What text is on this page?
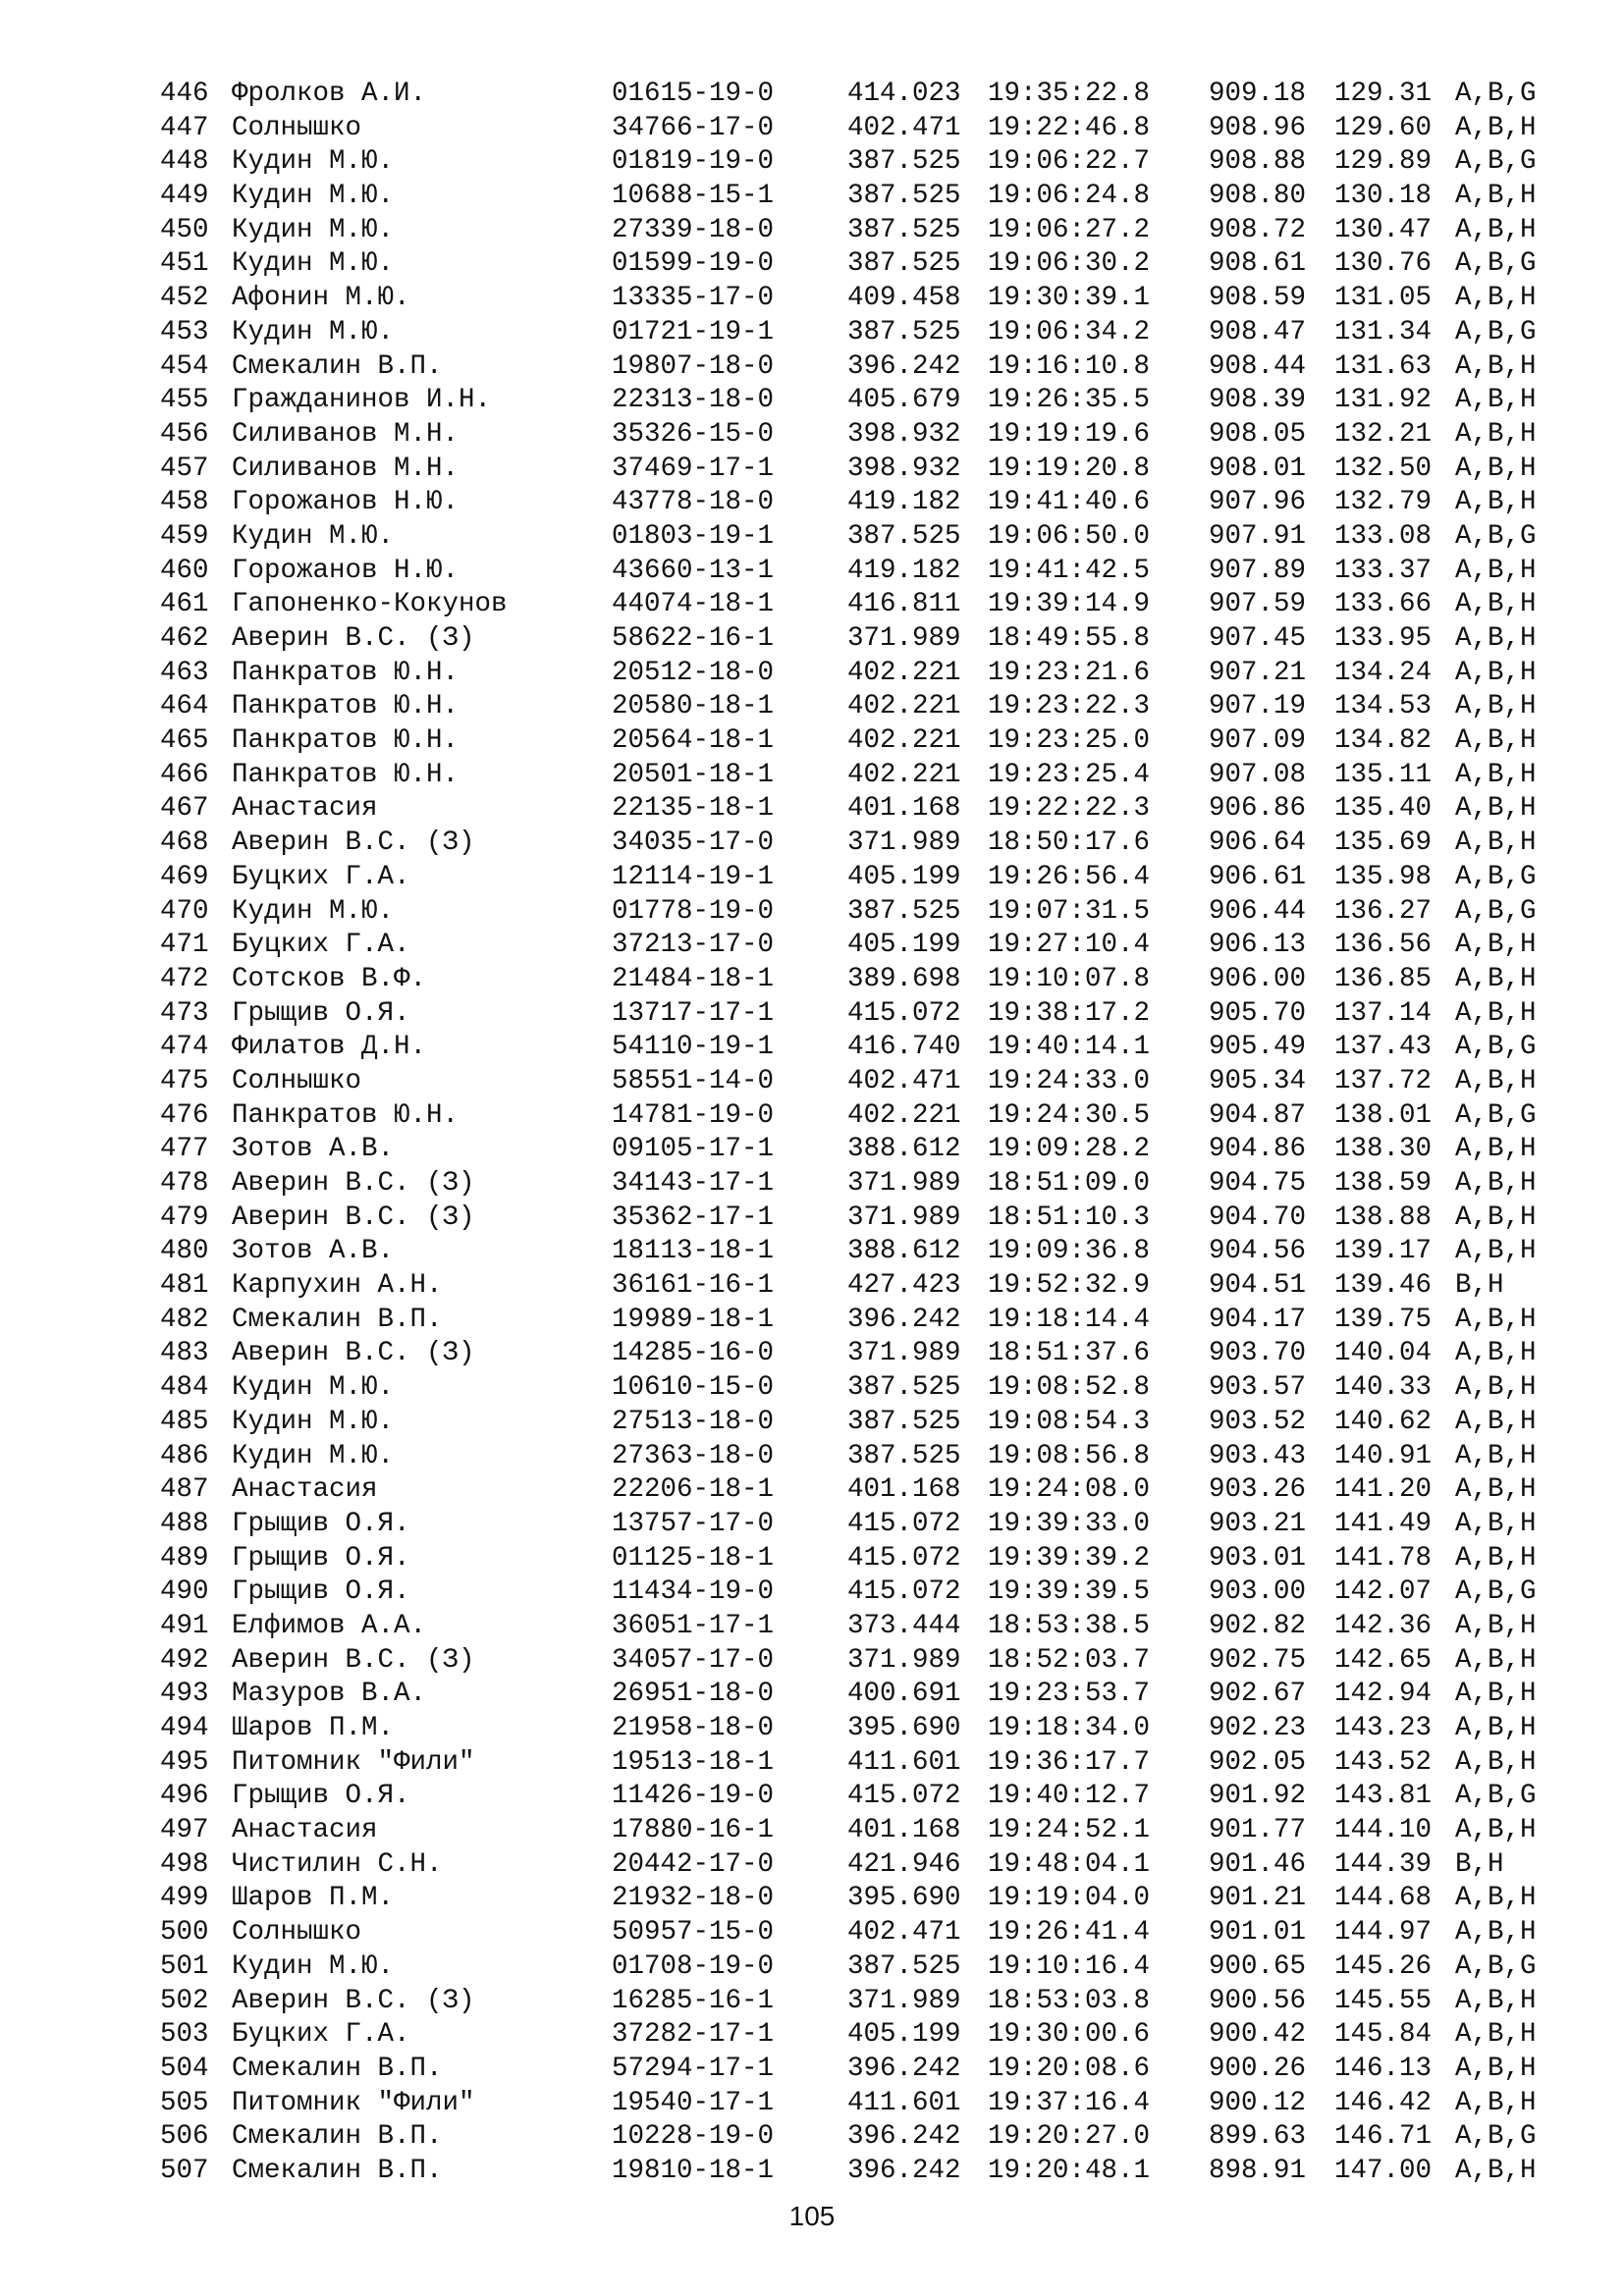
446 Фролков А.И.	01615-19-0	414.023 19:35:22.8 909.18 129.31 A,B,G
447 Солнышко	34766-17-0	402.471 19:22:46.8 908.96 129.60 A,B,H
448 Кудин М.Ю.	01819-19-0	387.525 19:06:22.7 908.88 129.89 A,B,G
449 Кудин М.Ю.	10688-15-1	387.525 19:06:24.8 908.80 130.18 A,B,H
450 Кудин М.Ю.	27339-18-0	387.525 19:06:27.2 908.72 130.47 A,B,H
451 Кудин М.Ю.	01599-19-0	387.525 19:06:30.2 908.61 130.76 A,B,G
452 Афонин М.Ю.	13335-17-0	409.458 19:30:39.1 908.59 131.05 A,B,H
453 Кудин М.Ю.	01721-19-1	387.525 19:06:34.2 908.47 131.34 A,B,G
454 Смекалин В.П.	19807-18-0	396.242 19:16:10.8 908.44 131.63 A,B,H
455 Гражданинов И.Н.	22313-18-0	405.679 19:26:35.5 908.39 131.92 A,B,H
456 Силиванов М.Н.	35326-15-0	398.932 19:19:19.6 908.05 132.21 A,B,H
457 Силиванов М.Н.	37469-17-1	398.932 19:19:20.8 908.01 132.50 A,B,H
458 Горожанов Н.Ю.	43778-18-0	419.182 19:41:40.6 907.96 132.79 A,B,H
459 Кудин М.Ю.	01803-19-1	387.525 19:06:50.0 907.91 133.08 A,B,G
460 Горожанов Н.Ю.	43660-13-1	419.182 19:41:42.5 907.89 133.37 A,B,H
461 Гапоненко-Кокунов	44074-18-1	416.811 19:39:14.9 907.59 133.66 A,B,H
462 Аверин В.С. (З)	58622-16-1	371.989 18:49:55.8 907.45 133.95 A,B,H
463 Панкратов Ю.Н.	20512-18-0	402.221 19:23:21.6 907.21 134.24 A,B,H
464 Панкратов Ю.Н.	20580-18-1	402.221 19:23:22.3 907.19 134.53 A,B,H
465 Панкратов Ю.Н.	20564-18-1	402.221 19:23:25.0 907.09 134.82 A,B,H
466 Панкратов Ю.Н.	20501-18-1	402.221 19:23:25.4 907.08 135.11 A,B,H
467 Анастасия	22135-18-1	401.168 19:22:22.3 906.86 135.40 A,B,H
468 Аверин В.С. (З)	34035-17-0	371.989 18:50:17.6 906.64 135.69 A,B,H
469 Буцких Г.А.	12114-19-1	405.199 19:26:56.4 906.61 135.98 A,B,G
470 Кудин М.Ю.	01778-19-0	387.525 19:07:31.5 906.44 136.27 A,B,G
471 Буцких Г.А.	37213-17-0	405.199 19:27:10.4 906.13 136.56 A,B,H
472 Сотсков В.Ф.	21484-18-1	389.698 19:10:07.8 906.00 136.85 A,B,H
473 Грыщив О.Я.	13717-17-1	415.072 19:38:17.2 905.70 137.14 A,B,H
474 Филатов Д.Н.	54110-19-1	416.740 19:40:14.1 905.49 137.43 A,B,G
475 Солнышко	58551-14-0	402.471 19:24:33.0 905.34 137.72 A,B,H
476 Панкратов Ю.Н.	14781-19-0	402.221 19:24:30.5 904.87 138.01 A,B,G
477 Зотов А.В.	09105-17-1	388.612 19:09:28.2 904.86 138.30 A,B,H
478 Аверин В.С. (З)	34143-17-1	371.989 18:51:09.0 904.75 138.59 A,B,H
479 Аверин В.С. (З)	35362-17-1	371.989 18:51:10.3 904.70 138.88 A,B,H
480 Зотов А.В.	18113-18-1	388.612 19:09:36.8 904.56 139.17 A,B,H
481 Карпухин А.Н.	36161-16-1	427.423 19:52:32.9 904.51 139.46 B,H
482 Смекалин В.П.	19989-18-1	396.242 19:18:14.4 904.17 139.75 A,B,H
483 Аверин В.С. (З)	14285-16-0	371.989 18:51:37.6 903.70 140.04 A,B,H
484 Кудин М.Ю.	10610-15-0	387.525 19:08:52.8 903.57 140.33 A,B,H
485 Кудин М.Ю.	27513-18-0	387.525 19:08:54.3 903.52 140.62 A,B,H
486 Кудин М.Ю.	27363-18-0	387.525 19:08:56.8 903.43 140.91 A,B,H
487 Анастасия	22206-18-1	401.168 19:24:08.0 903.26 141.20 A,B,H
488 Грыщив О.Я.	13757-17-0	415.072 19:39:33.0 903.21 141.49 A,B,H
489 Грыщив О.Я.	01125-18-1	415.072 19:39:39.2 903.01 141.78 A,B,H
490 Грыщив О.Я.	11434-19-0	415.072 19:39:39.5 903.00 142.07 A,B,G
491 Елфимов А.А.	36051-17-1	373.444 18:53:38.5 902.82 142.36 A,B,H
492 Аверин В.С. (З)	34057-17-0	371.989 18:52:03.7 902.75 142.65 A,B,H
493 Мазуров В.А.	26951-18-0	400.691 19:23:53.7 902.67 142.94 A,B,H
494 Шаров П.М.	21958-18-0	395.690 19:18:34.0 902.23 143.23 A,B,H
495 Питомник "Фили"	19513-18-1	411.601 19:36:17.7 902.05 143.52 A,B,H
496 Грыщив О.Я.	11426-19-0	415.072 19:40:12.7 901.92 143.81 A,B,G
497 Анастасия	17880-16-1	401.168 19:24:52.1 901.77 144.10 A,B,H
498 Чистилин С.Н.	20442-17-0	421.946 19:48:04.1 901.46 144.39 B,H
499 Шаров П.М.	21932-18-0	395.690 19:19:04.0 901.21 144.68 A,B,H
500 Солнышко	50957-15-0	402.471 19:26:41.4 901.01 144.97 A,B,H
501 Кудин М.Ю.	01708-19-0	387.525 19:10:16.4 900.65 145.26 A,B,G
502 Аверин В.С. (З)	16285-16-1	371.989 18:53:03.8 900.56 145.55 A,B,H
503 Буцких Г.А.	37282-17-1	405.199 19:30:00.6 900.42 145.84 A,B,H
504 Смекалин В.П.	57294-17-1	396.242 19:20:08.6 900.26 146.13 A,B,H
505 Питомник "Фили"	19540-17-1	411.601 19:37:16.4 900.12 146.42 A,B,H
506 Смекалин В.П.	10228-19-0	396.242 19:20:27.0 899.63 146.71 A,B,G
507 Смекалин В.П.	19810-18-1	396.242 19:20:48.1 898.91 147.00 A,B,H
105
